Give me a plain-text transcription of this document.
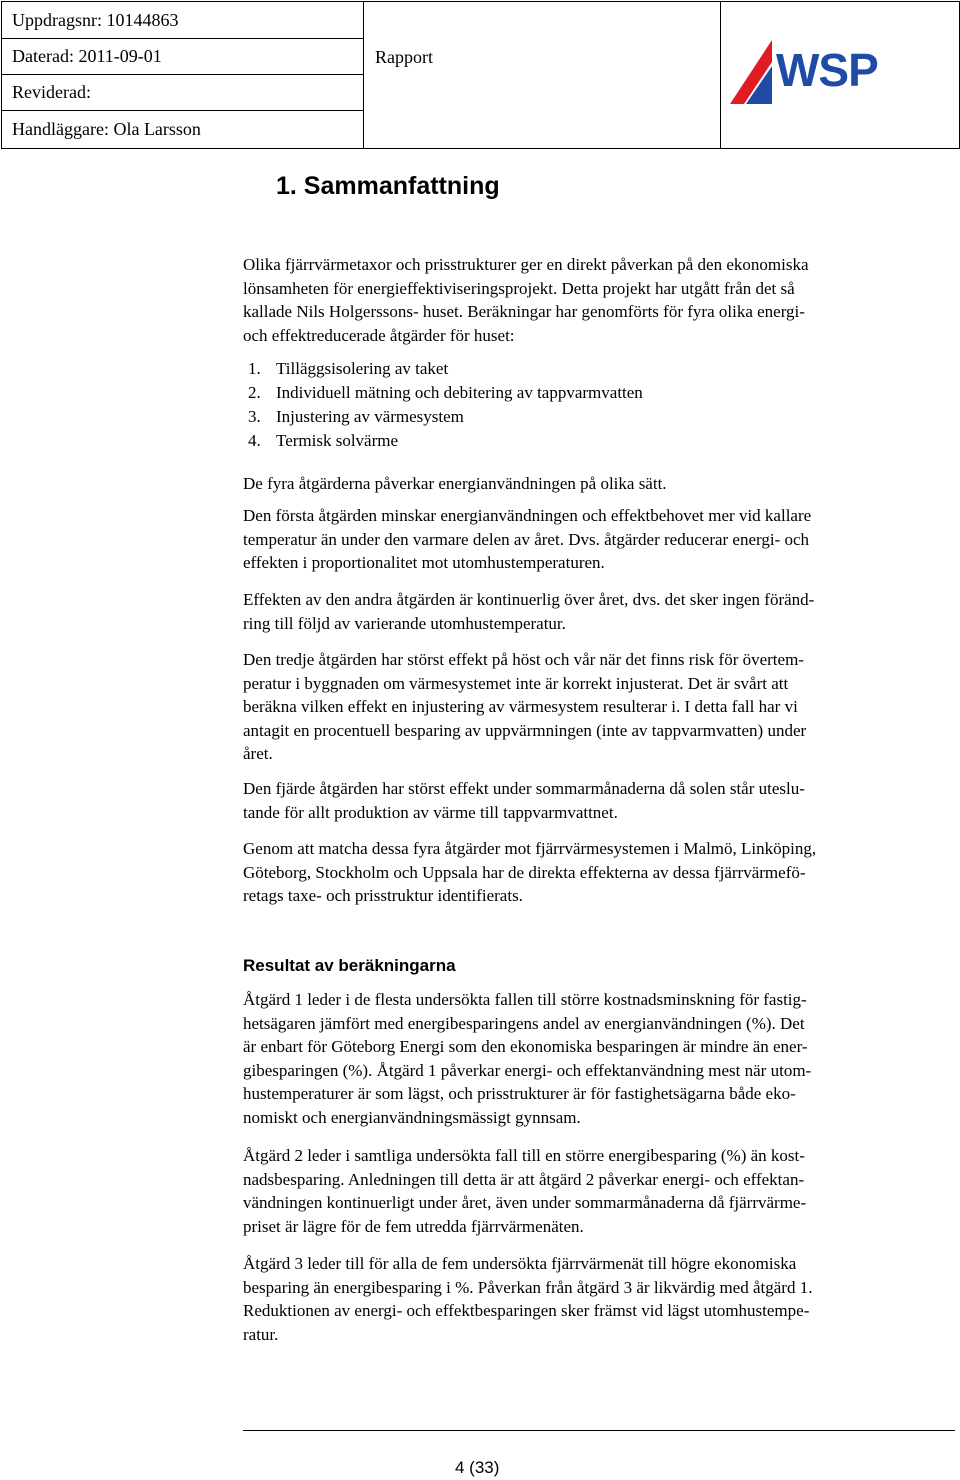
Uppdragsnr: 10144863
Daterad: 2011-09-01
Reviderad:
Handläggare: Ola Larsson
Rapport	WSP
1. Sammanfattning
Olika fjärrvärmetaxor och prisstrukturer ger en direkt påverkan på den ekonomiska
lönsamheten för energieffektiviseringsprojekt. Detta projekt har utgått från det så
kallade Nils Holgerssons- huset. Beräkningar har genomförts för fyra olika energi-
och effektreducerade åtgärder för huset:
1. Tilläggsisolering av taket
2. Individuell mätning och debitering av tappvarmvatten
3. Injustering av värmesystem
4. Termisk solvärme
De fyra åtgärderna påverkar energianvändningen på olika sätt.
Den första åtgärden minskar energianvändningen och effektbehovet mer vid kallare
temperatur än under den varmare delen av året. Dvs. åtgärder reducerar energi- och
effekten i proportionalitet mot utomhustemperaturen.
Effekten av den andra åtgärden är kontinuerlig över året, dvs. det sker ingen föränd-
ring till följd av varierande utomhustemperatur.
Den tredje åtgärden har störst effekt på höst och vår när det finns risk för övertem-
peratur i byggnaden om värmesystemet inte är korrekt injusterat. Det är svårt att
beräkna vilken effekt en injustering av värmesystem resulterar i. I detta fall har vi
antagit en procentuell besparing av uppvärmningen (inte av tappvarmvatten) under
året.
Den fjärde åtgärden har störst effekt under sommarmånaderna då solen står uteslu-
tande för allt produktion av värme till tappvarmvattnet.
Genom att matcha dessa fyra åtgärder mot fjärrvärmesystemen i Malmö, Linköping,
Göteborg, Stockholm och Uppsala har de direkta effekterna av dessa fjärrvärmefö-
retags taxe- och prisstruktur identifierats.
Resultat av beräkningarna
Åtgärd 1 leder i de flesta undersökta fallen till större kostnadsminskning för fastig-
hetsägaren jämfört med energibesparingens andel av energianvändningen (%). Det
är enbart för Göteborg Energi som den ekonomiska besparingen är mindre än ener-
gibesparingen (%). Åtgärd 1 påverkar energi- och effektanvändning mest när utom-
hustemperaturer är som lägst, och prisstrukturer är för fastighetsägarna både eko-
nomiskt och energianvändningsmässigt gynnsam.
Åtgärd 2 leder i samtliga undersökta fall till en större energibesparing (%) än kost-
nadsbesparing. Anledningen till detta är att åtgärd 2 påverkar energi- och effektan-
vändningen kontinuerligt under året, även under sommarmånaderna då fjärrvärme-
priset är lägre för de fem utredda fjärrvärmenäten.
Åtgärd 3 leder till för alla de fem undersökta fjärrvärmenät till högre ekonomiska
besparing än energibesparing i %. Påverkan från åtgärd 3 är likvärdig med åtgärd 1.
Reduktionen av energi- och effektbesparingen sker främst vid lägst utomhustempe-
ratur.
4 (33)
